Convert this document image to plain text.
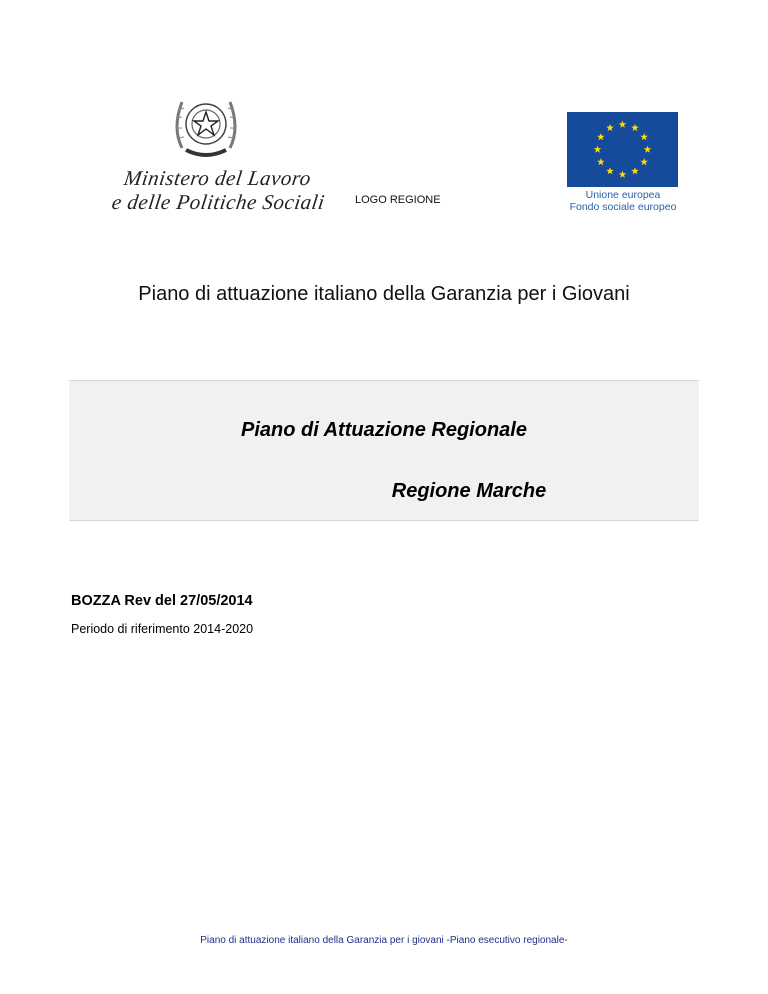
Ministero del Lavoro
e delle Politiche Sociali	LOGO REGIONE	Unione europea
Fondo sociale europeo
Piano di attuazione italiano della Garanzia per i Giovani
Piano di Attuazione Regionale
Regione Marche
BOZZA Rev del 27/05/2014
Periodo di riferimento 2014-2020
Piano di attuazione italiano della Garanzia per i giovani -Piano esecutivo regionale-
